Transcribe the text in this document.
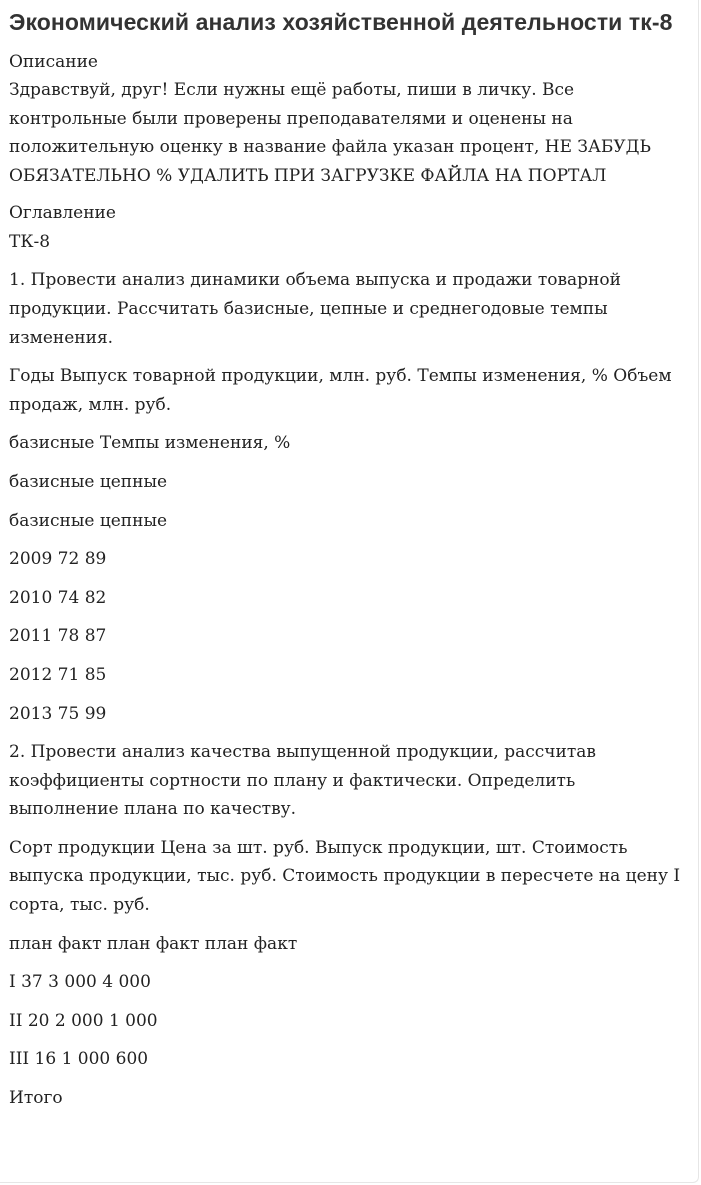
Экономический анализ хозяйственной деятельности тк-8
Описание

Здравствуй, друг! Если нужны ещё работы, пиши в личку. Все контрольные были проверены преподавателями и оценены на положительную оценку в название файла указан процент, НЕ ЗАБУДЬ ОБЯЗАТЕЛЬНО % УДАЛИТЬ ПРИ ЗАГРУЗКЕ ФАЙЛА НА ПОРТАЛ

Оглавление
ТК-8

1. Провести анализ динамики объема выпуска и продажи товарной продукции. Рассчитать базисные, цепные и среднегодовые темпы изменения.

Годы Выпуск товарной продукции, млн. руб. Темпы изменения, % Объем продаж, млн. руб.

базисные Темпы изменения, %

базисные цепные

базисные цепные

2009 72 89

2010 74 82

2011 78 87

2012 71 85

2013 75 99

2. Провести анализ качества выпущенной продукции, рассчитав коэффициенты сортности по плану и фактически. Определить выполнение плана по качеству.

Сорт продукции Цена за шт. руб. Выпуск продукции, шт. Стоимость выпуска продукции, тыс. руб. Стоимость продукции в пересчете на цену I сорта, тыс. руб.

план факт план факт план факт

I 37 3 000 4 000

II 20 2 000 1 000

III 16 1 000 600

Итого
